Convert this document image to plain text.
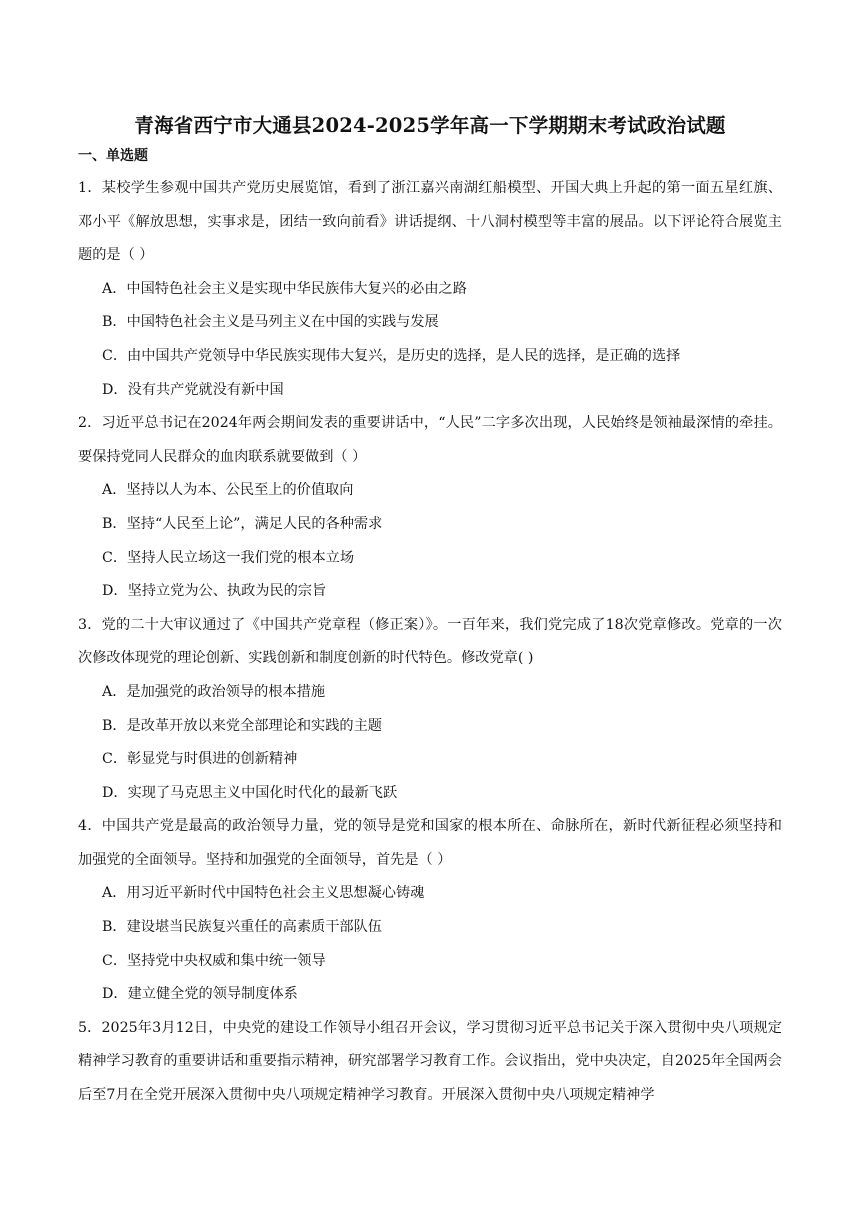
青海省西宁市大通县2024-2025学年高一下学期期末考试政治试题
一、单选题

1．某校学生参观中国共产党历史展览馆，看到了浙江嘉兴南湖红船模型、开国大典上升起的第一面五星红旗、邓小平《解放思想，实事求是，团结一致向前看》讲话提纲、十八洞村模型等丰富的展品。以下评论符合展览主题的是（ ）

A．中国特色社会主义是实现中华民族伟大复兴的必由之路

B．中国特色社会主义是马列主义在中国的实践与发展

C．由中国共产党领导中华民族实现伟大复兴，是历史的选择，是人民的选择，是正确的选择

D．没有共产党就没有新中国

2．习近平总书记在2024年两会期间发表的重要讲话中，“人民”二字多次出现，人民始终是领袖最深情的牵挂。要保持党同人民群众的血肉联系就要做到（ ）

A．坚持以人为本、公民至上的价值取向

B．坚持“人民至上论”，满足人民的各种需求

C．坚持人民立场这一我们党的根本立场

D．坚持立党为公、执政为民的宗旨

3．党的二十大审议通过了《中国共产党章程（修正案）》。一百年来，我们党完成了18次党章修改。党章的一次次修改体现党的理论创新、实践创新和制度创新的时代特色。修改党章( )

A．是加强党的政治领导的根本措施

B．是改革开放以来党全部理论和实践的主题

C．彰显党与时俱进的创新精神

D．实现了马克思主义中国化时代化的最新飞跃

4．中国共产党是最高的政治领导力量，党的领导是党和国家的根本所在、命脉所在，新时代新征程必须坚持和加强党的全面领导。坚持和加强党的全面领导，首先是（ ）

A．用习近平新时代中国特色社会主义思想凝心铸魂

B．建设堪当民族复兴重任的高素质干部队伍

C．坚持党中央权威和集中统一领导

D．建立健全党的领导制度体系

5．2025年3月12日，中央党的建设工作领导小组召开会议，学习贯彻习近平总书记关于深入贯彻中央八项规定精神学习教育的重要讲话和重要指示精神，研究部署学习教育工作。会议指出，党中央决定，自2025年全国两会后至7月在全党开展深入贯彻中央八项规定精神学习教育。开展深入贯彻中央八项规定精神学
